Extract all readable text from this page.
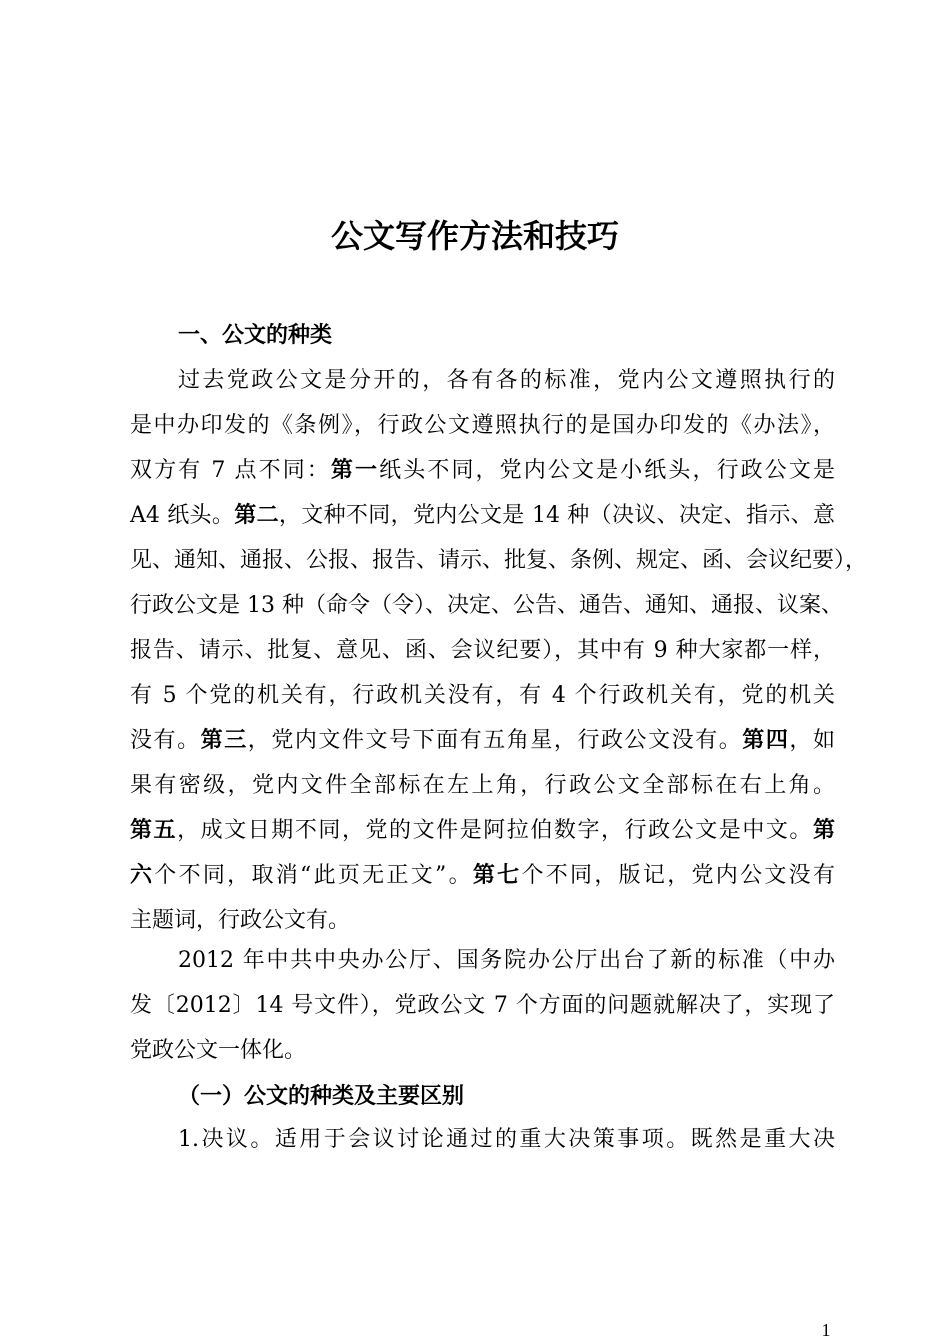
公文写作方法和技巧
一、公文的种类
过去党政公文是分开的，各有各的标准，党内公文遵照执行的
是中办印发的《条例》，行政公文遵照执行的是国办印发的《办法》，
双方有 7 点不同：第一纸头不同，党内公文是小纸头，行政公文是
A4 纸头。第二，文种不同，党内公文是 14 种（决议、决定、指示、意
见、通知、通报、公报、报告、请示、批复、条例、规定、函、会议纪要），
行政公文是 13 种（命令（令）、决定、公告、通告、通知、通报、议案、
报告、请示、批复、意见、函、会议纪要），其中有 9 种大家都一样，
有 5 个党的机关有，行政机关没有，有 4 个行政机关有，党的机关
没有。第三，党内文件文号下面有五角星，行政公文没有。第四，如
果有密级，党内文件全部标在左上角，行政公文全部标在右上角。
第五，成文日期不同，党的文件是阿拉伯数字，行政公文是中文。第
六个不同，取消“此页无正文”。第七个不同，版记，党内公文没有
主题词，行政公文有。
2012 年中共中央办公厅、国务院办公厅出台了新的标准（中办
发〔2012〕14 号文件），党政公文 7 个方面的问题就解决了，实现了
党政公文一体化。
（一）公文的种类及主要区别
1.决议。适用于会议讨论通过的重大决策事项。既然是重大决
1
